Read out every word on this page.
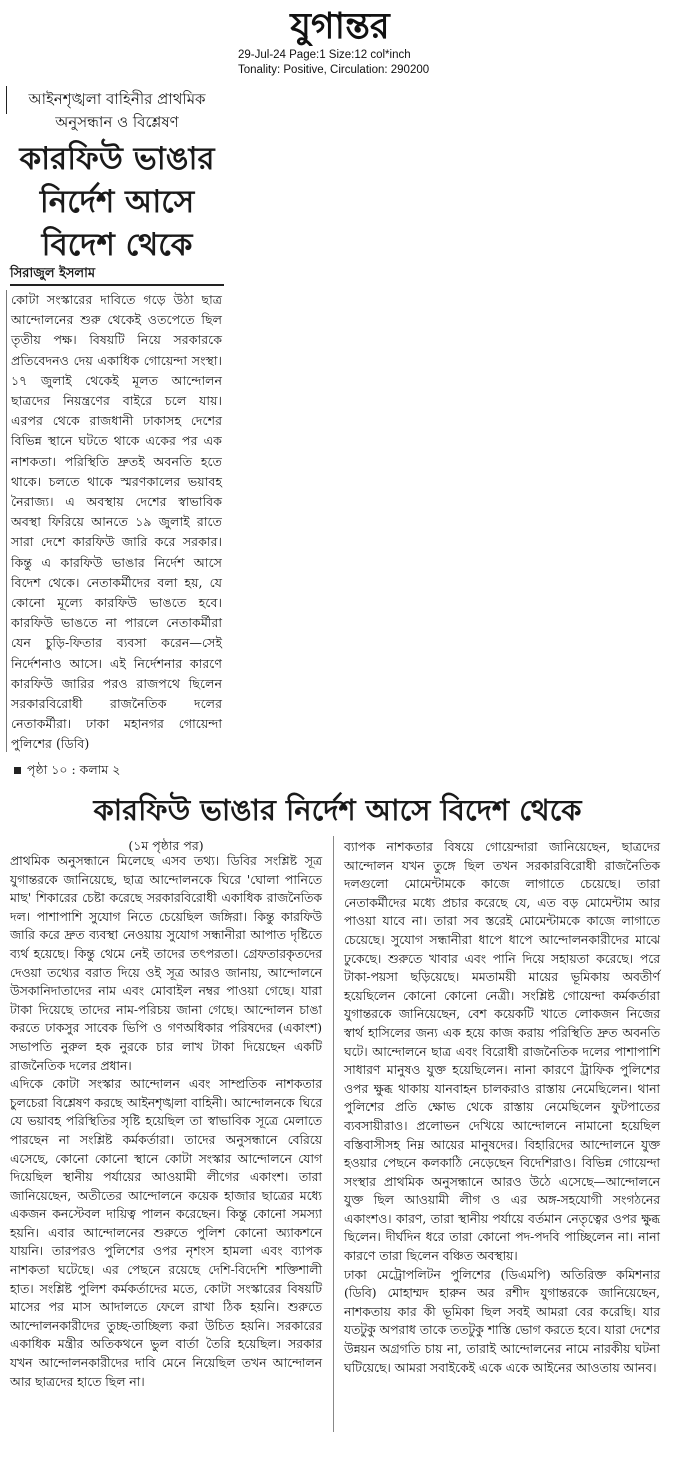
যুগান্তর
29-Jul-24 Page:1 Size:12 col*inch
Tonality: Positive, Circulation: 290200
আইনশৃঙ্খলা বাহিনীর প্রাথমিক অনুসন্ধান ও বিশ্লেষণ
কারফিউ ভাঙার নির্দেশ আসে বিদেশ থেকে
সিরাজুল ইসলাম

কোটা সংস্কারের দাবিতে গড়ে উঠা ছাত্র আন্দোলনের শুরু থেকেই ওতপেতে ছিল তৃতীয় পক্ষ। বিষয়টি নিয়ে সরকারকে প্রতিবেদনও দেয় একাধিক গোয়েন্দা সংস্থা। ১৭ জুলাই থেকেই মূলত আন্দোলন ছাত্রদের নিয়ন্ত্রণের বাইরে চলে যায়। এরপর থেকে রাজধানী ঢাকাসহ দেশের বিভিন্ন স্থানে ঘটতে থাকে একের পর এক নাশকতা। পরিস্থিতি দ্রুতই অবনতি হতে থাকে। চলতে থাকে স্মরণকালের ভয়াবহ নৈরাজ্য। এ অবস্থায় দেশের স্বাভাবিক অবস্থা ফিরিয়ে আনতে ১৯ জুলাই রাতে সারা দেশে কারফিউ জারি করে সরকার। কিন্তু এ কারফিউ ভাঙার নির্দেশ আসে বিদেশ থেকে। নেতাকর্মীদের বলা হয়, যে কোনো মূল্যে কারফিউ ভাঙতে হবে। কারফিউ ভাঙতে না পারলে নেতাকর্মীরা যেন চুড়ি-ফিতার ব্যবসা করেন—সেই নির্দেশনাও আসে। এই নির্দেশনার কারণে কারফিউ জারির পরও রাজপথে ছিলেন সরকারবিরোধী রাজনৈতিক দলের নেতাকর্মীরা। ঢাকা মহানগর গোয়েন্দা পুলিশের (ডিবি)

পৃষ্ঠা ১০ : কলাম ২
কারফিউ ভাঙার নির্দেশ আসে বিদেশ থেকে
(১ম পৃষ্ঠার পর)

প্রাথমিক অনুসন্ধানে মিলেছে এসব তথ্য। ডিবির সংশ্লিষ্ট সূত্র যুগান্তরকে জানিয়েছে, ছাত্র আন্দোলনকে ঘিরে 'ঘোলা পানিতে মাছ' শিকারের চেষ্টা করেছে সরকারবিরোধী একাধিক রাজনৈতিক দল। পাশাপাশি সুযোগ নিতে চেয়েছিল জঙ্গিরা। কিন্তু কারফিউ জারি করে দ্রুত ব্যবস্থা নেওয়ায় সুযোগ সন্ধানীরা আপাত দৃষ্টিতে ব্যর্থ হয়েছে। কিন্তু থেমে নেই তাদের তৎপরতা। গ্রেফতারকৃতদের দেওয়া তথ্যের বরাত দিয়ে ওই সূত্র আরও জানায়, আন্দোলনে উসকানিদাতাদের নাম এবং মোবাইল নম্বর পাওয়া গেছে। যারা টাকা দিয়েছে তাদের নাম-পরিচয় জানা গেছে। আন্দোলন চাঙা করতে ঢাকসুর সাবেক ভিপি ও গণঅধিকার পরিষদের (একাংশ) সভাপতি নুরুল হক নুরকে চার লাখ টাকা দিয়েছেন একটি রাজনৈতিক দলের প্রধান।

এদিকে কোটা সংস্কার আন্দোলন এবং সাম্প্রতিক নাশকতার চুলচেরা বিশ্লেষণ করছে আইনশৃঙ্খলা বাহিনী। আন্দোলনকে ঘিরে যে ভয়াবহ পরিস্থিতির সৃষ্টি হয়েছিল তা স্বাভাবিক সূত্রে মেলাতে পারছেন না সংশ্লিষ্ট কর্মকর্তারা। তাদের অনুসন্ধানে বেরিয়ে এসেছে, কোনো কোনো স্থানে কোটা সংস্কার আন্দোলনে যোগ দিয়েছিল স্থানীয় পর্যায়ের আওয়ামী লীগের একাংশ। তারা জানিয়েছেন, অতীতের আন্দোলনে কয়েক হাজার ছাত্রের মধ্যে একজন কনস্টেবল দায়িত্ব পালন করেছেন। কিন্তু কোনো সমস্যা হয়নি। এবার আন্দোলনের শুরুতে পুলিশ কোনো অ্যাকশনে যায়নি। তারপরও পুলিশের ওপর নৃশংস হামলা এবং ব্যাপক নাশকতা ঘটেছে। এর পেছনে রয়েছে দেশি-বিদেশি শক্তিশালী হাত। সংশ্লিষ্ট পুলিশ কর্মকর্তাদের মতে, কোটা সংস্কারের বিষয়টি মাসের পর মাস আদালতে ফেলে রাখা ঠিক হয়নি। শুরুতে আন্দোলনকারীদের তুচ্ছ-তাচ্ছিল্য করা উচিত হয়নি। সরকারের একাধিক মন্ত্রীর অতিকথনে ভুল বার্তা তৈরি হয়েছিল। সরকার যখন আন্দোলনকারীদের দাবি মেনে নিয়েছিল তখন আন্দোলন আর ছাত্রদের হাতে ছিল না।

ব্যাপক নাশকতার বিষয়ে গোয়েন্দারা জানিয়েছেন, ছাত্রদের আন্দোলন যখন তুঙ্গে ছিল তখন সরকারবিরোধী রাজনৈতিক দলগুলো মোমেন্টামকে কাজে লাগাতে চেয়েছে। তারা নেতাকর্মীদের মধ্যে প্রচার করেছে যে, এত বড় মোমেন্টাম আর পাওয়া যাবে না। তারা সব স্তরেই মোমেন্টামকে কাজে লাগাতে চেয়েছে। সুযোগ সন্ধানীরা ধাপে ধাপে আন্দোলনকারীদের মাঝে ঢুকেছে। শুরুতে খাবার এবং পানি দিয়ে সহায়তা করেছে। পরে টাকা-পয়সা ছড়িয়েছে। মমতাময়ী মায়ের ভূমিকায় অবতীর্ণ হয়েছিলেন কোনো কোনো নেত্রী। সংশ্লিষ্ট গোয়েন্দা কর্মকর্তারা যুগান্তরকে জানিয়েছেন, বেশ কয়েকটি খাতে লোকজন নিজের স্বার্থ হাসিলের জন্য এক হয়ে কাজ করায় পরিস্থিতি দ্রুত অবনতি ঘটে। আন্দোলনে ছাত্র এবং বিরোধী রাজনৈতিক দলের পাশাপাশি সাধারণ মানুষও যুক্ত হয়েছিলেন। নানা কারণে ট্রাফিক পুলিশের ওপর ক্ষুব্ধ থাকায় যানবাহন চালকরাও রাস্তায় নেমেছিলেন। থানা পুলিশের প্রতি ক্ষোভ থেকে রাস্তায় নেমেছিলেন ফুটপাতের ব্যবসায়ীরাও। প্রলোভন দেখিয়ে আন্দোলনে নামানো হয়েছিল বস্তিবাসীসহ নিম্ন আয়ের মানুষদের। বিহারিদের আন্দোলনে যুক্ত হওয়ার পেছনে কলকাঠি নেড়েছেন বিদেশিরাও। বিভিন্ন গোয়েন্দা সংস্থার প্রাথমিক অনুসন্ধানে আরও উঠে এসেছে—আন্দোলনে যুক্ত ছিল আওয়ামী লীগ ও এর অঙ্গ-সহযোগী সংগঠনের একাংশও। কারণ, তারা স্থানীয় পর্যায়ে বর্তমান নেতৃত্বের ওপর ক্ষুব্ধ ছিলেন। দীর্ঘদিন ধরে তারা কোনো পদ-পদবি পাচ্ছিলেন না। নানা কারণে তারা ছিলেন বঞ্চিত অবস্থায়।

ঢাকা মেট্রোপলিটন পুলিশের (ডিএমপি) অতিরিক্ত কমিশনার (ডিবি) মোহাম্মদ হারুন অর রশীদ যুগান্তরকে জানিয়েছেন, নাশকতায় কার কী ভূমিকা ছিল সবই আমরা বের করেছি। যার যতটুকু অপরাধ তাকে ততটুকু শাস্তি ভোগ করতে হবে। যারা দেশের উন্নয়ন অগ্রগতি চায় না, তারাই আন্দোলনের নামে নারকীয় ঘটনা ঘটিয়েছে। আমরা সবাইকেই একে একে আইনের আওতায় আনব।
